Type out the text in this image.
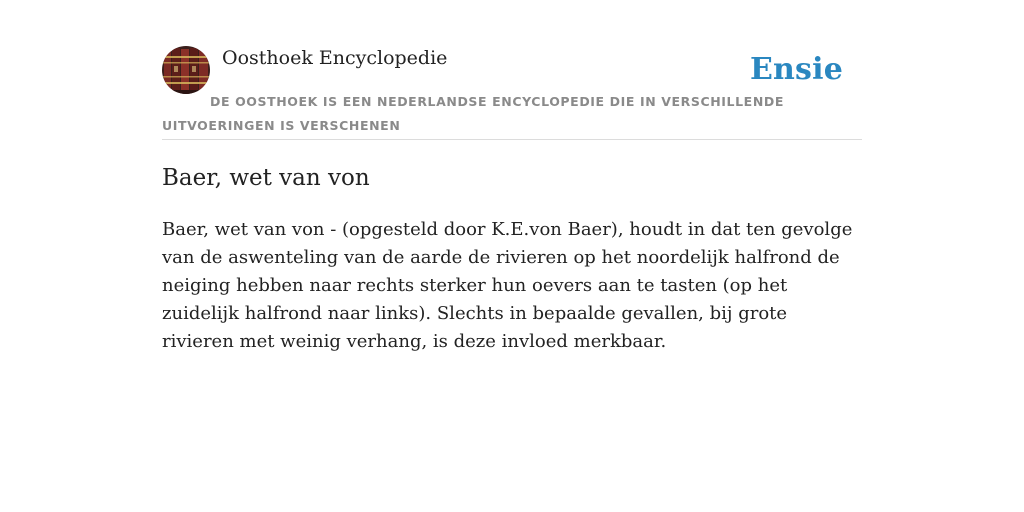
Oosthoek Encyclopedie	Ensie
DE OOSTHOEK IS EEN NEDERLANDSE ENCYCLOPEDIE DIE IN VERSCHILLENDE UITVOERINGEN IS VERSCHENEN
Baer, wet van von

Baer, wet van von - (opgesteld door K.E.von Baer), houdt in dat ten gevolge van de aswenteling van de aarde de rivieren op het noordelijk halfrond de neiging hebben naar rechts sterker hun oevers aan te tasten (op het zuidelijk halfrond naar links). Slechts in bepaalde gevallen, bij grote rivieren met weinig verhang, is deze invloed merkbaar.
